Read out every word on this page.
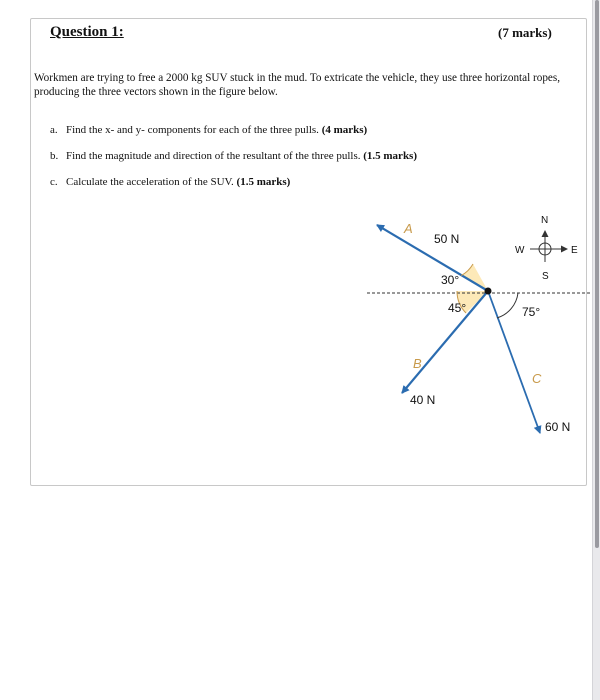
Question 1:	(7 marks)
Workmen are trying to free a 2000 kg SUV stuck in the mud. To extricate the vehicle, they use three horizontal ropes, producing the three vectors shown in the figure below.
a. Find the x- and y- components for each of the three pulls. (4 marks)
b. Find the magnitude and direction of the resultant of the three pulls. (1.5 marks)
c. Calculate the acceleration of the SUV. (1.5 marks)
A
B
C
50 N
40 N
60 N
30°
45°	75°
N
S
E
W
